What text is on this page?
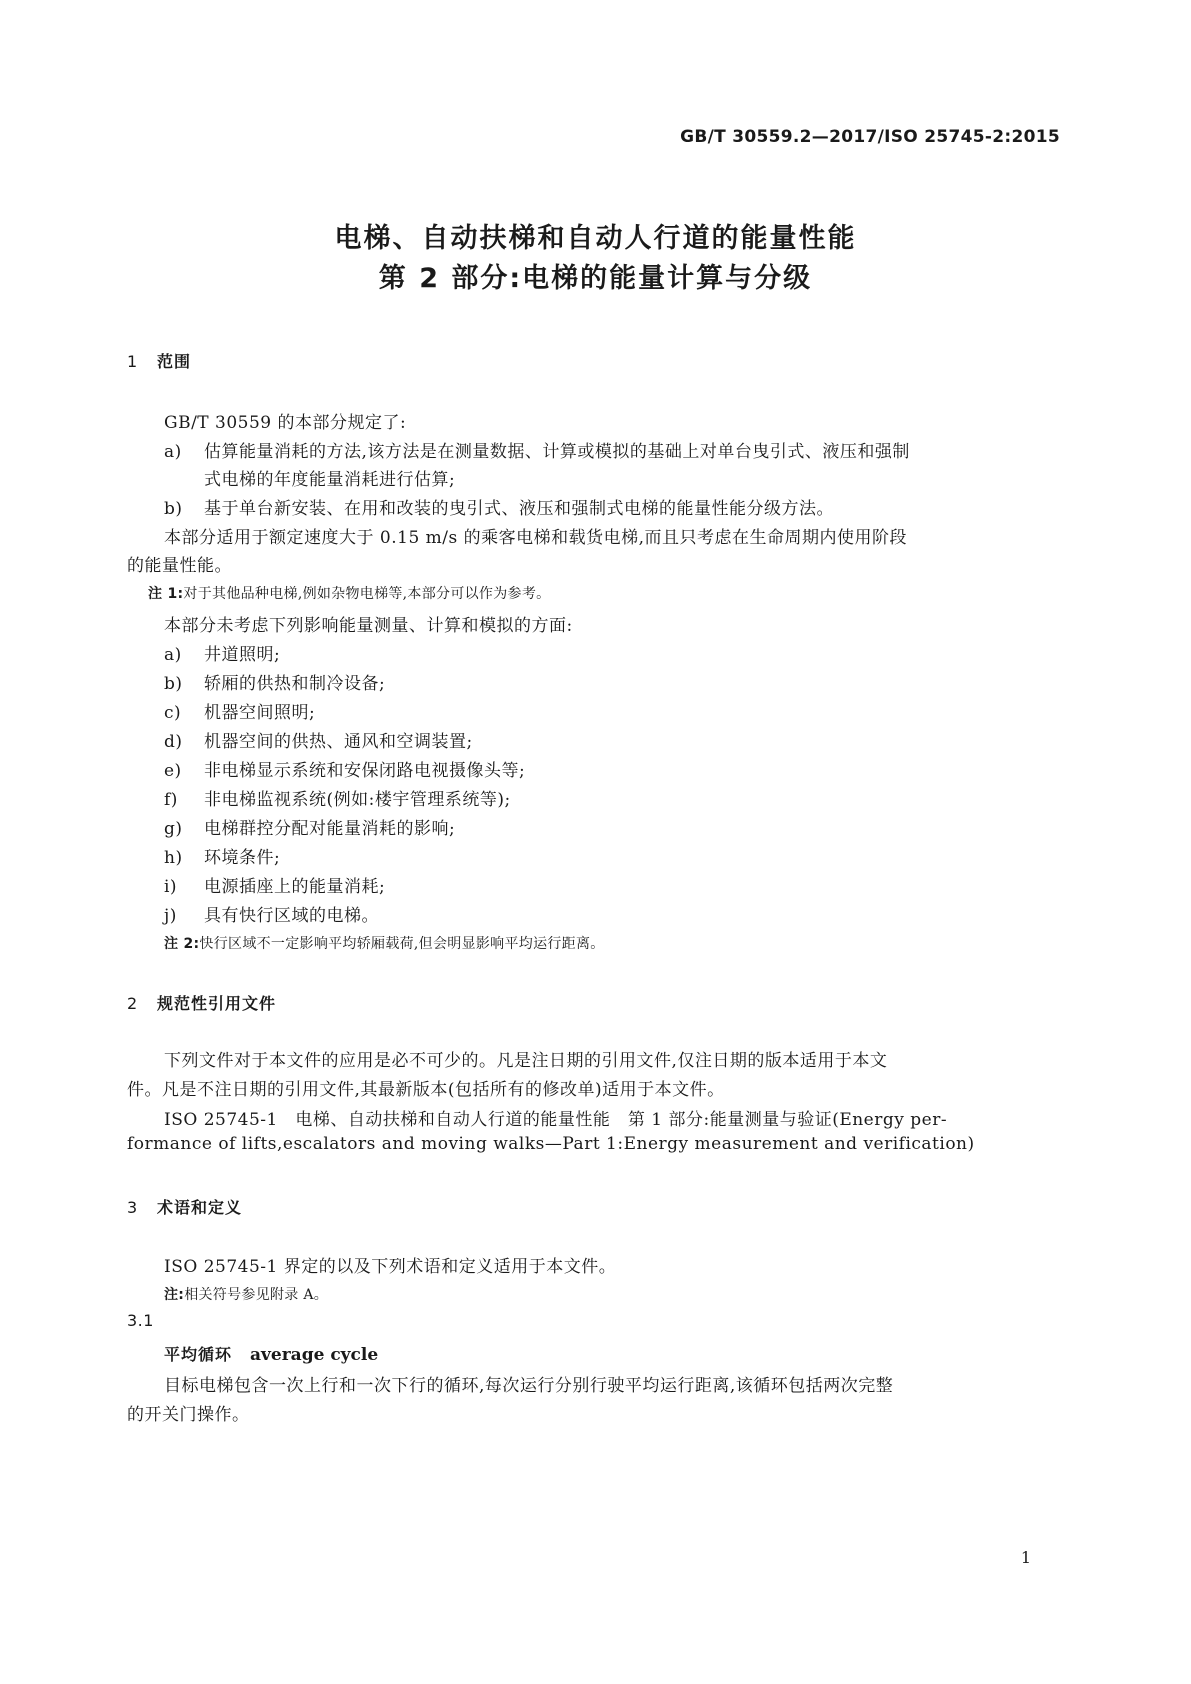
GB/T 30559.2—2017/ISO 25745-2:2015
电梯、自动扶梯和自动人行道的能量性能
第 2 部分:电梯的能量计算与分级
1 范围
GB/T 30559 的本部分规定了:
a) 估算能量消耗的方法,该方法是在测量数据、计算或模拟的基础上对单台曳引式、液压和强制
式电梯的年度能量消耗进行估算;
b) 基于单台新安装、在用和改装的曳引式、液压和强制式电梯的能量性能分级方法。
本部分适用于额定速度大于 0.15 m/s 的乘客电梯和载货电梯,而且只考虑在生命周期内使用阶段
的能量性能。
注 1:对于其他品种电梯,例如杂物电梯等,本部分可以作为参考。
本部分未考虑下列影响能量测量、计算和模拟的方面:
a) 井道照明;
b) 轿厢的供热和制冷设备;
c) 机器空间照明;
d) 机器空间的供热、通风和空调装置;
e) 非电梯显示系统和安保闭路电视摄像头等;
f) 非电梯监视系统(例如:楼宇管理系统等);
g) 电梯群控分配对能量消耗的影响;
h) 环境条件;
i) 电源插座上的能量消耗;
j) 具有快行区域的电梯。
注 2:快行区域不一定影响平均轿厢载荷,但会明显影响平均运行距离。
2 规范性引用文件
下列文件对于本文件的应用是必不可少的。凡是注日期的引用文件,仅注日期的版本适用于本文
件。凡是不注日期的引用文件,其最新版本(包括所有的修改单)适用于本文件。
ISO 25745-1　电梯、自动扶梯和自动人行道的能量性能　第 1 部分:能量测量与验证(Energy per-
formance of lifts,escalators and moving walks—Part 1:Energy measurement and verification)
3 术语和定义
ISO 25745-1 界定的以及下列术语和定义适用于本文件。
注:相关符号参见附录 A。
3.1
平均循环 average cycle
目标电梯包含一次上行和一次下行的循环,每次运行分别行驶平均运行距离,该循环包括两次完整
的开关门操作。
1
